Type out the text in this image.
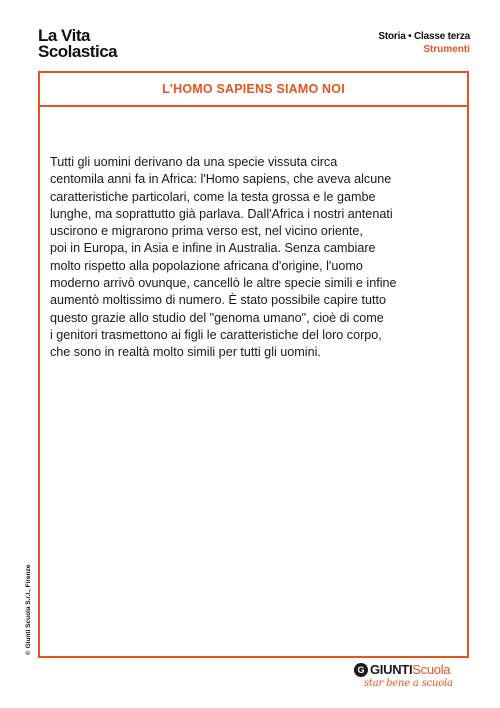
La Vita
Scolastica
Storia • Classe terza
Strumenti
L'HOMO SAPIENS SIAMO NOI
Tutti gli uomini derivano da una specie vissuta circa
centomila anni fa in Africa: l'Homo sapiens, che aveva alcune
caratteristiche particolari, come la testa grossa e le gambe
lunghe, ma soprattutto già parlava. Dall'Africa i nostri antenati
uscirono e migrarono prima verso est, nel vicino oriente,
poi in Europa, in Asia e infine in Australia. Senza cambiare
molto rispetto alla popolazione africana d'origine, l'uomo
moderno arrivò ovunque, cancellò le altre specie simili e infine
aumentò moltissimo di numero. È stato possibile capire tutto
questo grazie allo studio del "genoma umano", cioè di come
i genitori trasmettono ai figli le caratteristiche del loro corpo,
che sono in realtà molto simili per tutti gli uomini.
© Giunti Scuola S.r.l., Firenze
G GIUNTI Scuola
star bene a scuola
